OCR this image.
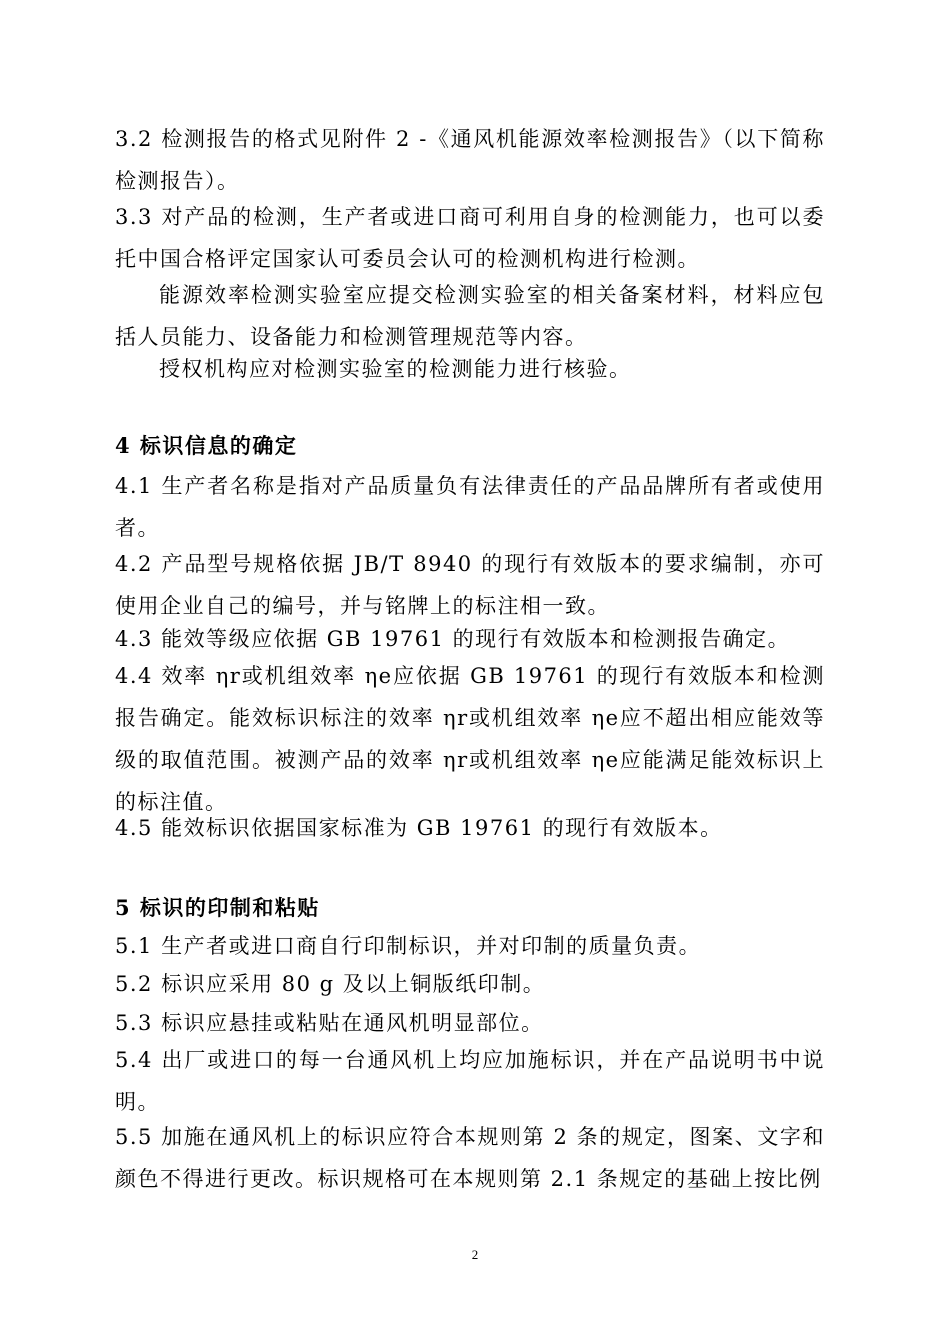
3.2 检测报告的格式见附件 2 -《通风机能源效率检测报告》（以下简称检测报告）。

3.3 对产品的检测，生产者或进口商可利用自身的检测能力，也可以委托中国合格评定国家认可委员会认可的检测机构进行检测。

能源效率检测实验室应提交检测实验室的相关备案材料，材料应包括人员能力、设备能力和检测管理规范等内容。

授权机构应对检测实验室的检测能力进行核验。

4 标识信息的确定

4.1 生产者名称是指对产品质量负有法律责任的产品品牌所有者或使用者。

4.2 产品型号规格依据 JB/T 8940 的现行有效版本的要求编制，亦可使用企业自己的编号，并与铭牌上的标注相一致。

4.3 能效等级应依据 GB 19761 的现行有效版本和检测报告确定。

4.4 效率 ηr或机组效率 ηe应依据 GB 19761 的现行有效版本和检测报告确定。能效标识标注的效率 ηr或机组效率 ηe应不超出相应能效等级的取值范围。被测产品的效率 ηr或机组效率 ηe应能满足能效标识上的标注值。

4.5 能效标识依据国家标准为 GB 19761 的现行有效版本。

5 标识的印制和粘贴

5.1 生产者或进口商自行印制标识，并对印制的质量负责。

5.2 标识应采用 80 g 及以上铜版纸印制。

5.3 标识应悬挂或粘贴在通风机明显部位。

5.4 出厂或进口的每一台通风机上均应加施标识，并在产品说明书中说明。

5.5 加施在通风机上的标识应符合本规则第 2 条的规定，图案、文字和颜色不得进行更改。标识规格可在本规则第 2.1 条规定的基础上按比例

2
